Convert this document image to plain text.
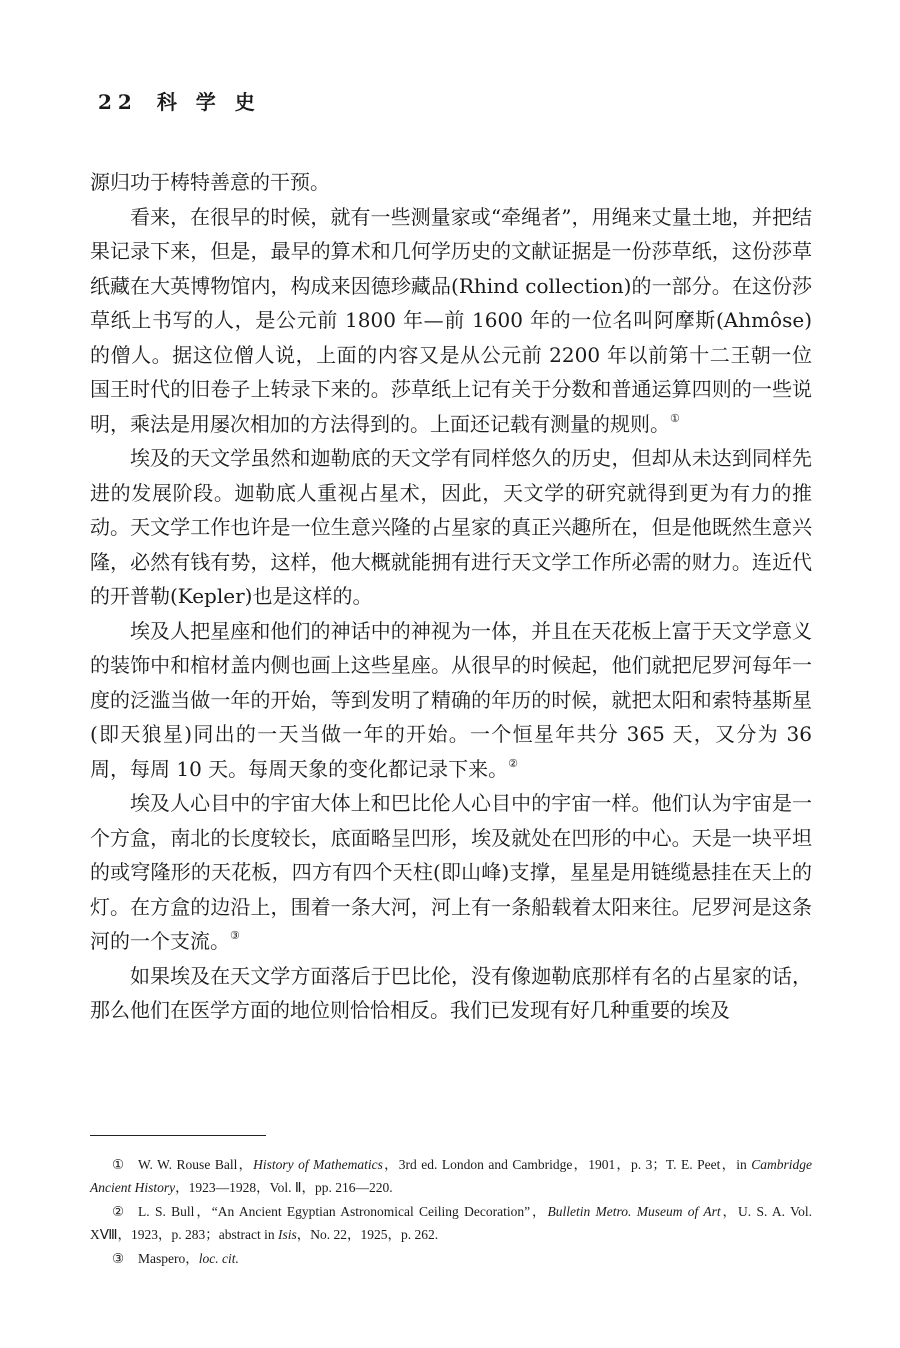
22 科 学 史

源归功于梼特善意的干预。

看来，在很早的时候，就有一些测量家或“牵绳者”，用绳来丈量土地，并把结果记录下来，但是，最早的算术和几何学历史的文献证据是一份莎草纸，这份莎草纸藏在大英博物馆内，构成来因德珍藏品(Rhind collection)的一部分。在这份莎草纸上书写的人，是公元前 1800 年—前 1600 年的一位名叫阿摩斯(Ahmôse)的僧人。据这位僧人说，上面的内容又是从公元前 2200 年以前第十二王朝一位国王时代的旧卷子上转录下来的。莎草纸上记有关于分数和普通运算四则的一些说明，乘法是用屡次相加的方法得到的。上面还记载有测量的规则。①

埃及的天文学虽然和迦勒底的天文学有同样悠久的历史，但却从未达到同样先进的发展阶段。迦勒底人重视占星术，因此，天文学的研究就得到更为有力的推动。天文学工作也许是一位生意兴隆的占星家的真正兴趣所在，但是他既然生意兴隆，必然有钱有势，这样，他大概就能拥有进行天文学工作所必需的财力。连近代的开普勒(Kepler)也是这样的。

埃及人把星座和他们的神话中的神视为一体，并且在天花板上富于天文学意义的装饰中和棺材盖内侧也画上这些星座。从很早的时候起，他们就把尼罗河每年一度的泛滥当做一年的开始，等到发明了精确的年历的时候，就把太阳和索特基斯星(即天狼星)同出的一天当做一年的开始。一个恒星年共分 365 天，又分为 36 周，每周 10 天。每周天象的变化都记录下来。②

埃及人心目中的宇宙大体上和巴比伦人心目中的宇宙一样。他们认为宇宙是一个方盒，南北的长度较长，底面略呈凹形，埃及就处在凹形的中心。天是一块平坦的或穹隆形的天花板，四方有四个天柱(即山峰)支撑，星星是用链缆悬挂在天上的灯。在方盒的边沿上，围着一条大河，河上有一条船载着太阳来往。尼罗河是这条河的一个支流。③

如果埃及在天文学方面落后于巴比伦，没有像迦勒底那样有名的占星家的话，那么他们在医学方面的地位则恰恰相反。我们已发现有好几种重要的埃及

① W. W. Rouse Ball，History of Mathematics，3rd ed. London and Cambridge，1901，p. 3；T. E. Peet，in Cambridge Ancient History，1923—1928，Vol. Ⅱ，pp. 216—220.

② L. S. Bull，“An Ancient Egyptian Astronomical Ceiling Decoration”，Bulletin Metro. Museum of Art，U. S. A. Vol. XⅧ，1923，p. 283；abstract in Isis，No. 22，1925，p. 262.

③ Maspero，loc. cit.
